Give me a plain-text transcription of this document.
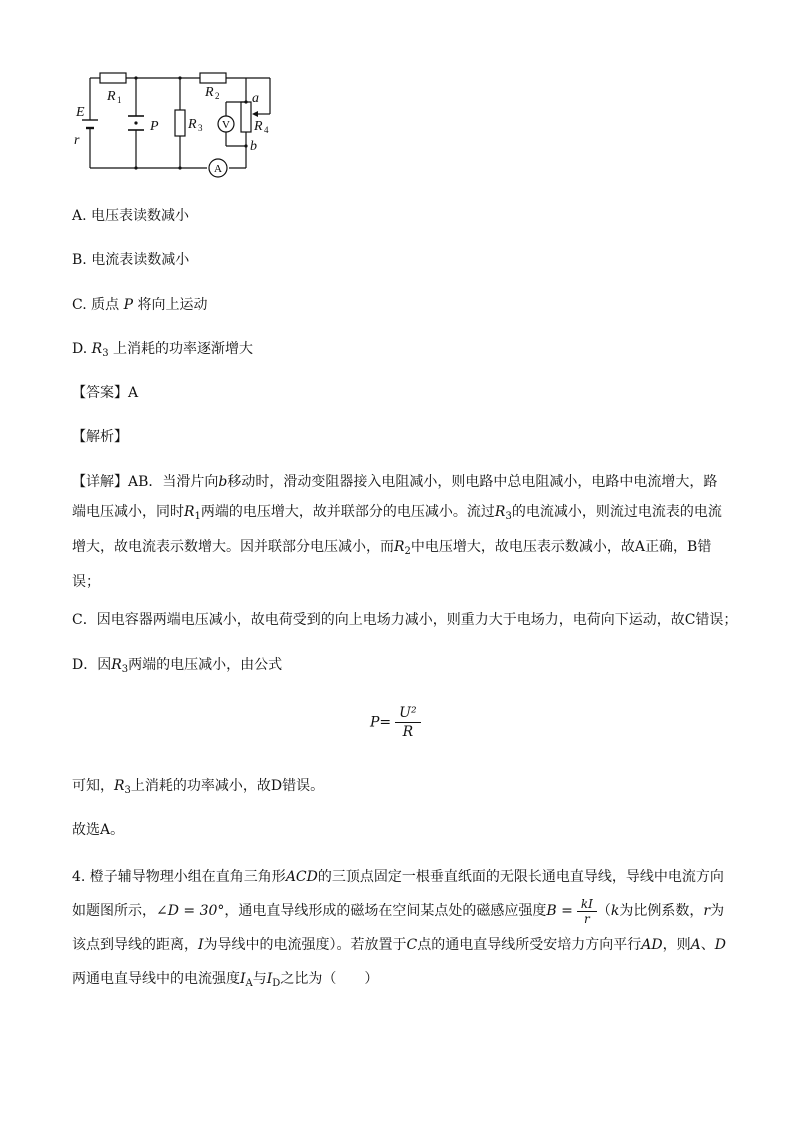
V
A
R 1	R 2
R 3	R 4
E
r
P
a
b
A. 电压表读数减小
B. 电流表读数减小
C. 质点 P 将向上运动
D. $R_3$ 上消耗的功率逐渐增大
【答案】A
【解析】
【详解】AB．当滑片向b移动时，滑动变阻器接入电阻减小，则电路中总电阻减小，电路中电流增大，路端电压减小，同时$R_1$两端的电压增大，故并联部分的电压减小。流过$R_3$的电流减小，则流过电流表的电流增大，故电流表示数增大。因并联部分电压减小，而$R_2$中电压增大，故电压表示数减小，故A正确，B错误；
C．因电容器两端电压减小，故电荷受到的向上电场力减小，则重力大于电场力，电荷向下运动，故C错误；
D．因$R_3$两端的电压减小，由公式
$P= \frac{\text{U²}}{R}$
可知，$R_3$上消耗的功率减小，故D错误。
故选A。
4. 橙子辅导物理小组在直角三角形ACD的三顶点固定一根垂直纸面的无限长通电直导线，导线中电流方向如题图所示，∠D = 30°，通电直导线形成的磁场在空间某点处的磁感应强度$B = \frac{kI}{r} (k$为比例系数，r为该点到导线的距离，I为导线中的电流强度）。若放置于C点的通电直导线所受安培力方向平行AD，则A、D两通电直导线中的电流强度$I_A$与$I_D$之比为（　　）
